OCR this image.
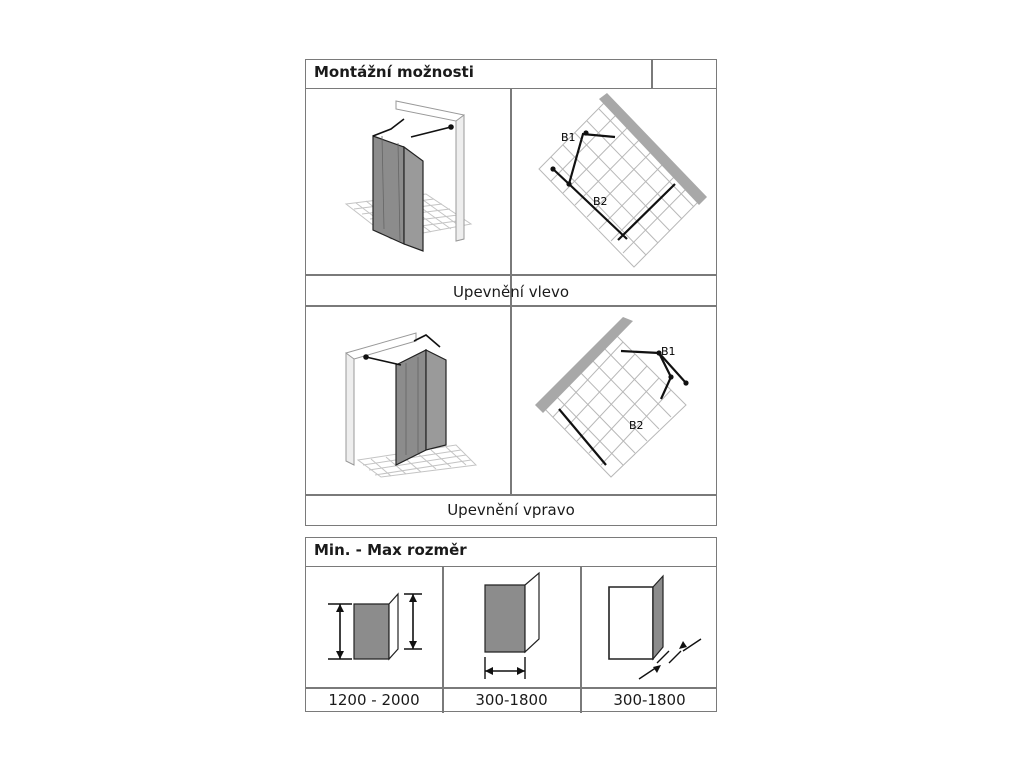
Montážní možnosti
Upevnění vlevo
Upevnění vpravo
B1
B2
B1
B2
Min. - Max rozměr
1200 - 2000	300-1800	300-1800
